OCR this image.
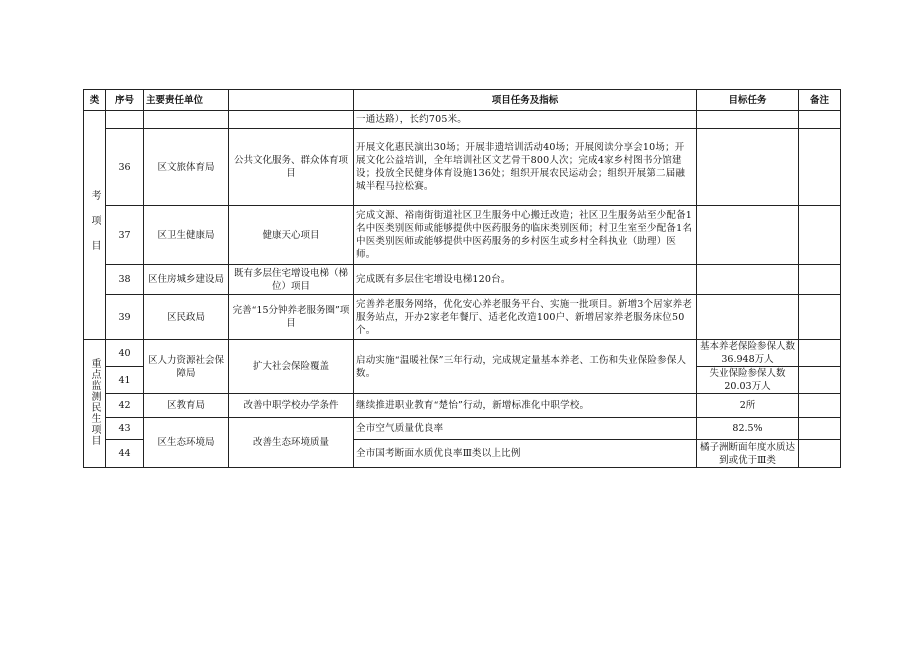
类	序号	主要责任单位		项目任务及指标	目标任务	备注
考 项 目				一通达路），长约705米。		
	36	区文旅体育局	公共文化服务、群众体育项目	开展文化惠民演出30场；开展非遗培训活动40场；开展阅读分享会10场；开展文化公益培训，全年培训社区文艺骨干800人次；完成4家乡村图书分馆建设；投放全民健身体育设施136处；组织开展农民运动会；组织开展第二届融城半程马拉松赛。		
	37	区卫生健康局	健康天心项目	完成文源、裕南街街道社区卫生服务中心搬迁改造；社区卫生服务站至少配备1名中医类别医师或能够提供中医药服务的临床类别医师；村卫生室至少配备1名中医类别医师或能够提供中医药服务的乡村医生或乡村全科执业（助理）医师。		
	38	区住房城乡建设局	既有多层住宅增设电梯（梯位）项目	完成既有多层住宅增设电梯120台。		
	39	区民政局	完善“15分钟养老服务圈”项目	完善养老服务网络，优化安心养老服务平台、实施一批项目。新增3个居家养老服务站点，开办2家老年餐厅、适老化改造100户、新增居家养老服务床位50个。		
重点监测民生项目	40	区人力资源社会保障局	扩大社会保险覆盖	启动实施“温暖社保”三年行动，完成规定量基本养老、工伤和失业保险参保人数。	基本养老保险参保人数36.948万人	
	41				失业保险参保人数20.03万人	
	42	区教育局	改善中职学校办学条件	继续推进职业教育“楚怡”行动，新增标准化中职学校。	2所	
	43	区生态环境局	改善生态环境质量	全市空气质量优良率	82.5%	
	44			全市国考断面水质优良率Ⅲ类以上比例	橘子洲断面年度水质达到或优于Ⅲ类	
